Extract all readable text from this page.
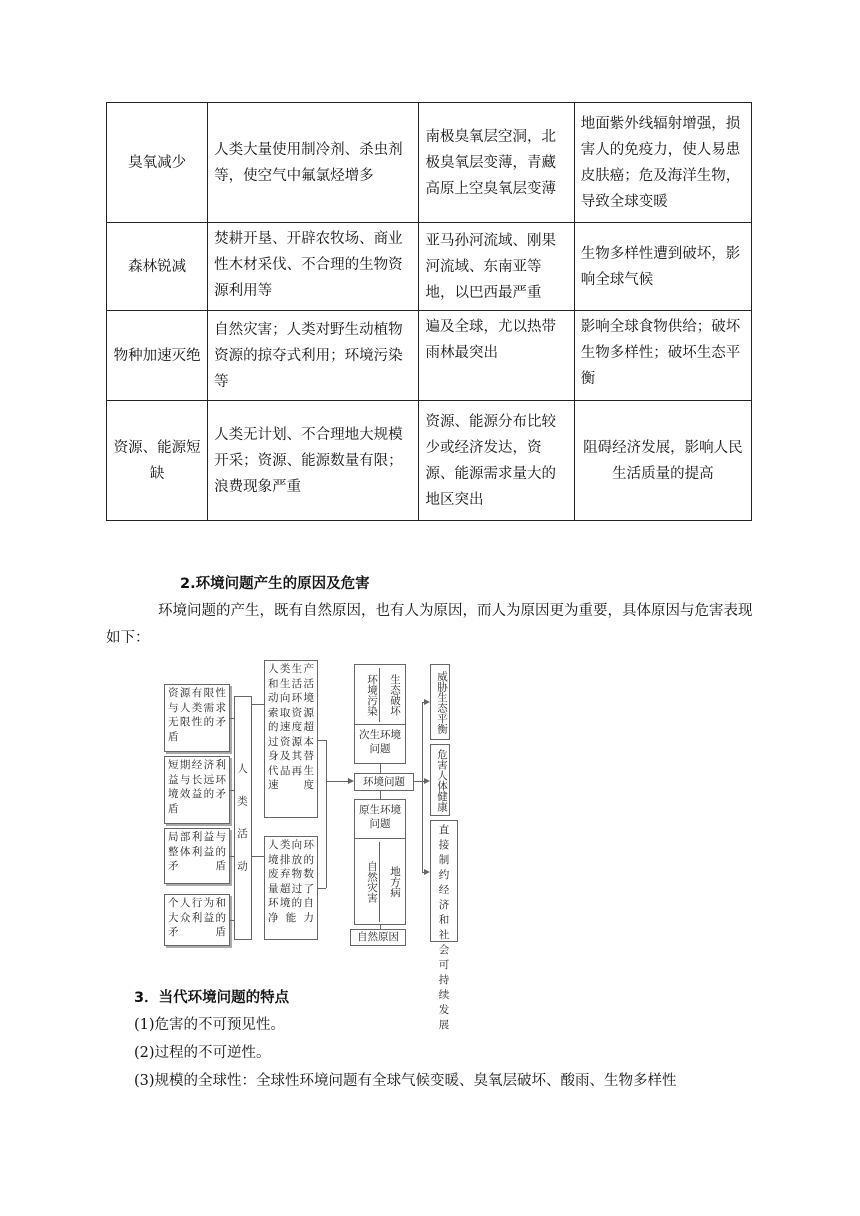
臭氧减少	人类大量使用制冷剂、杀虫剂等，使空气中氟氯烃增多	南极臭氧层空洞，北极臭氧层变薄，青藏高原上空臭氧层变薄	地面紫外线辐射增强，损害人的免疫力，使人易患皮肤癌；危及海洋生物，导致全球变暖
森林锐减	焚耕开垦、开辟农牧场、商业性木材采伐、不合理的生物资源利用等	亚马孙河流域、刚果河流域、东南亚等地，以巴西最严重	生物多样性遭到破坏，影响全球气候
物种加速灭绝	自然灾害；人类对野生动植物资源的掠夺式利用；环境污染等	遍及全球，尤以热带雨林最突出	影响全球食物供给；破坏生物多样性；破坏生态平衡
资源、能源短缺	人类无计划、不合理地大规模开采；资源、能源数量有限；浪费现象严重	资源、能源分布比较少或经济发达，资源、能源需求量大的地区突出	阻碍经济发展，影响人民生活质量的提高
2.环境问题产生的原因及危害
环境问题的产生，既有自然原因，也有人为原因，而人为原因更为重要，具体原因与危害表现如下：
资源有限性与人类需求无限性的矛盾
短期经济利益与长远环境效益的矛盾
局部利益与整体利益的矛盾
个人行为和大众利益的矛盾
人类活动
人类生产和生活活动向环境索取资源的速度超过资源本身及其替代品再生速度
人类向环境排放的废弃物数量超过了环境的自净能力
环境污染	生态破坏
次生环境问题
环境问题
原生环境问题
自然灾害	地方病
自然原因
威胁生态平衡
危害人体健康
直接制约经济和社会可持续发展
3．当代环境问题的特点
(1)危害的不可预见性。
(2)过程的不可逆性。
(3)规模的全球性：全球性环境问题有全球气候变暖、臭氧层破坏、酸雨、生物多样性
